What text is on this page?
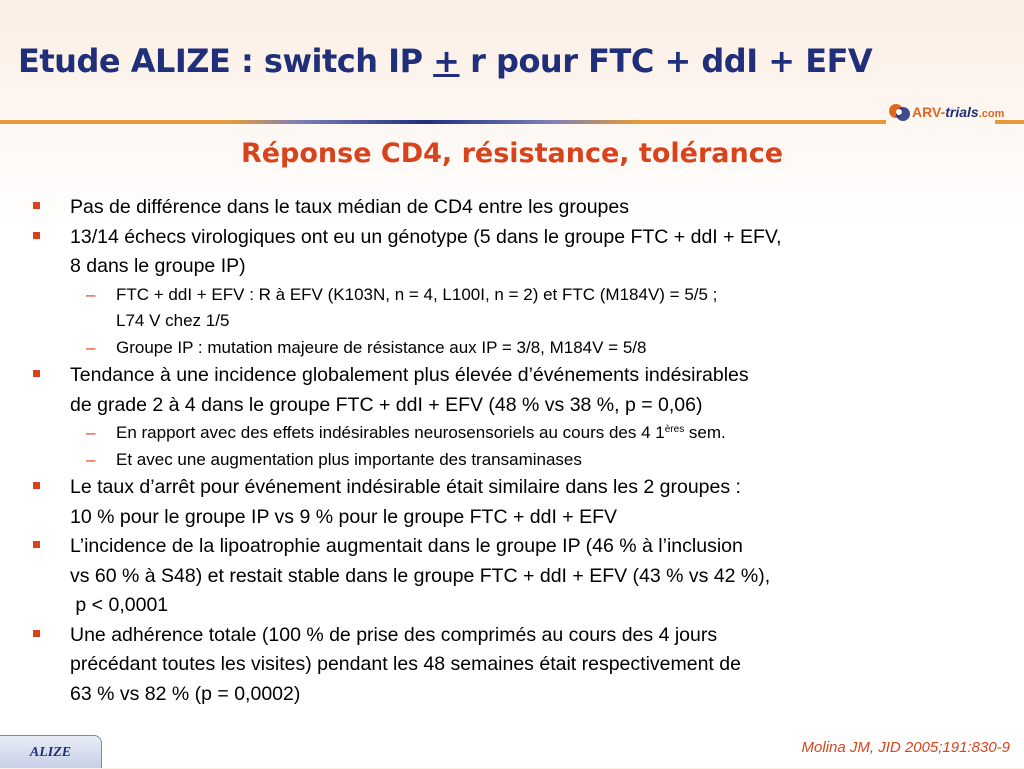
Etude ALIZE : switch IP + r pour FTC + ddI + EFV
ARV-trials.com
Réponse CD4, résistance, tolérance
Pas de différence dans le taux médian de CD4 entre les groupes
13/14 échecs virologiques ont eu un génotype (5 dans le groupe FTC + ddI + EFV,
8 dans le groupe IP)
– FTC + ddI + EFV : R à EFV (K103N, n = 4, L100I, n = 2) et FTC (M184V) = 5/5 ;
L74 V chez 1/5
– Groupe IP : mutation majeure de résistance aux IP = 3/8, M184V = 5/8
Tendance à une incidence globalement plus élevée d’événements indésirables
de grade 2 à 4 dans le groupe FTC + ddI + EFV (48 % vs 38 %, p = 0,06)
– En rapport avec des effets indésirables neurosensoriels au cours des 4 1ères sem.
– Et avec une augmentation plus importante des transaminases
Le taux d’arrêt pour événement indésirable était similaire dans les 2 groupes :
10 % pour le groupe IP vs 9 % pour le groupe FTC + ddI + EFV
L’incidence de la lipoatrophie augmentait dans le groupe IP (46 % à l’inclusion
vs 60 % à S48) et restait stable dans le groupe FTC + ddI + EFV (43 % vs 42 %),
p < 0,0001
Une adhérence totale (100 % de prise des comprimés au cours des 4 jours
précédant toutes les visites) pendant les 48 semaines était respectivement de
63 % vs 82 % (p = 0,0002)
ALIZE	Molina JM, JID 2005;191:830-9
